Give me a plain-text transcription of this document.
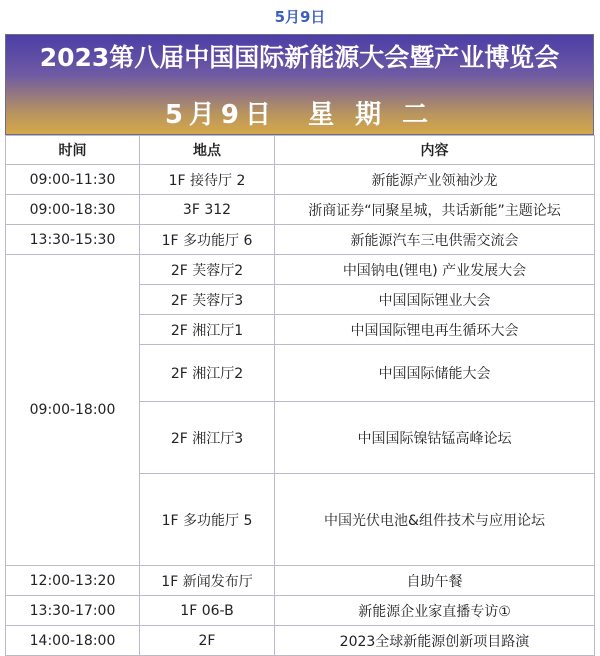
5月9日
2023第八届中国国际新能源大会暨产业博览会
5月9日 星 期 二
时间	地点	内容
09:00-11:30	1F 接待厅 2	新能源产业领袖沙龙
09:00-18:30	3F 312	浙商证券“同聚星城，共话新能”主题论坛
13:30-15:30	1F 多功能厅 6	新能源汽车三电供需交流会
09:00-18:00	2F 芙蓉厅2	中国钠电(锂电) 产业发展大会
	2F 芙蓉厅3	中国国际锂业大会
	2F 湘江厅1	中国国际锂电再生循环大会
	2F 湘江厅2	中国国际储能大会
	2F 湘江厅3	中国国际镍钴锰高峰论坛
	1F 多功能厅 5	中国光伏电池&组件技术与应用论坛
12:00-13:20	1F 新闻发布厅	自助午餐
13:30-17:00	1F 06-B	新能源企业家直播专访①
14:00-18:00	2F	2023全球新能源创新项目路演
